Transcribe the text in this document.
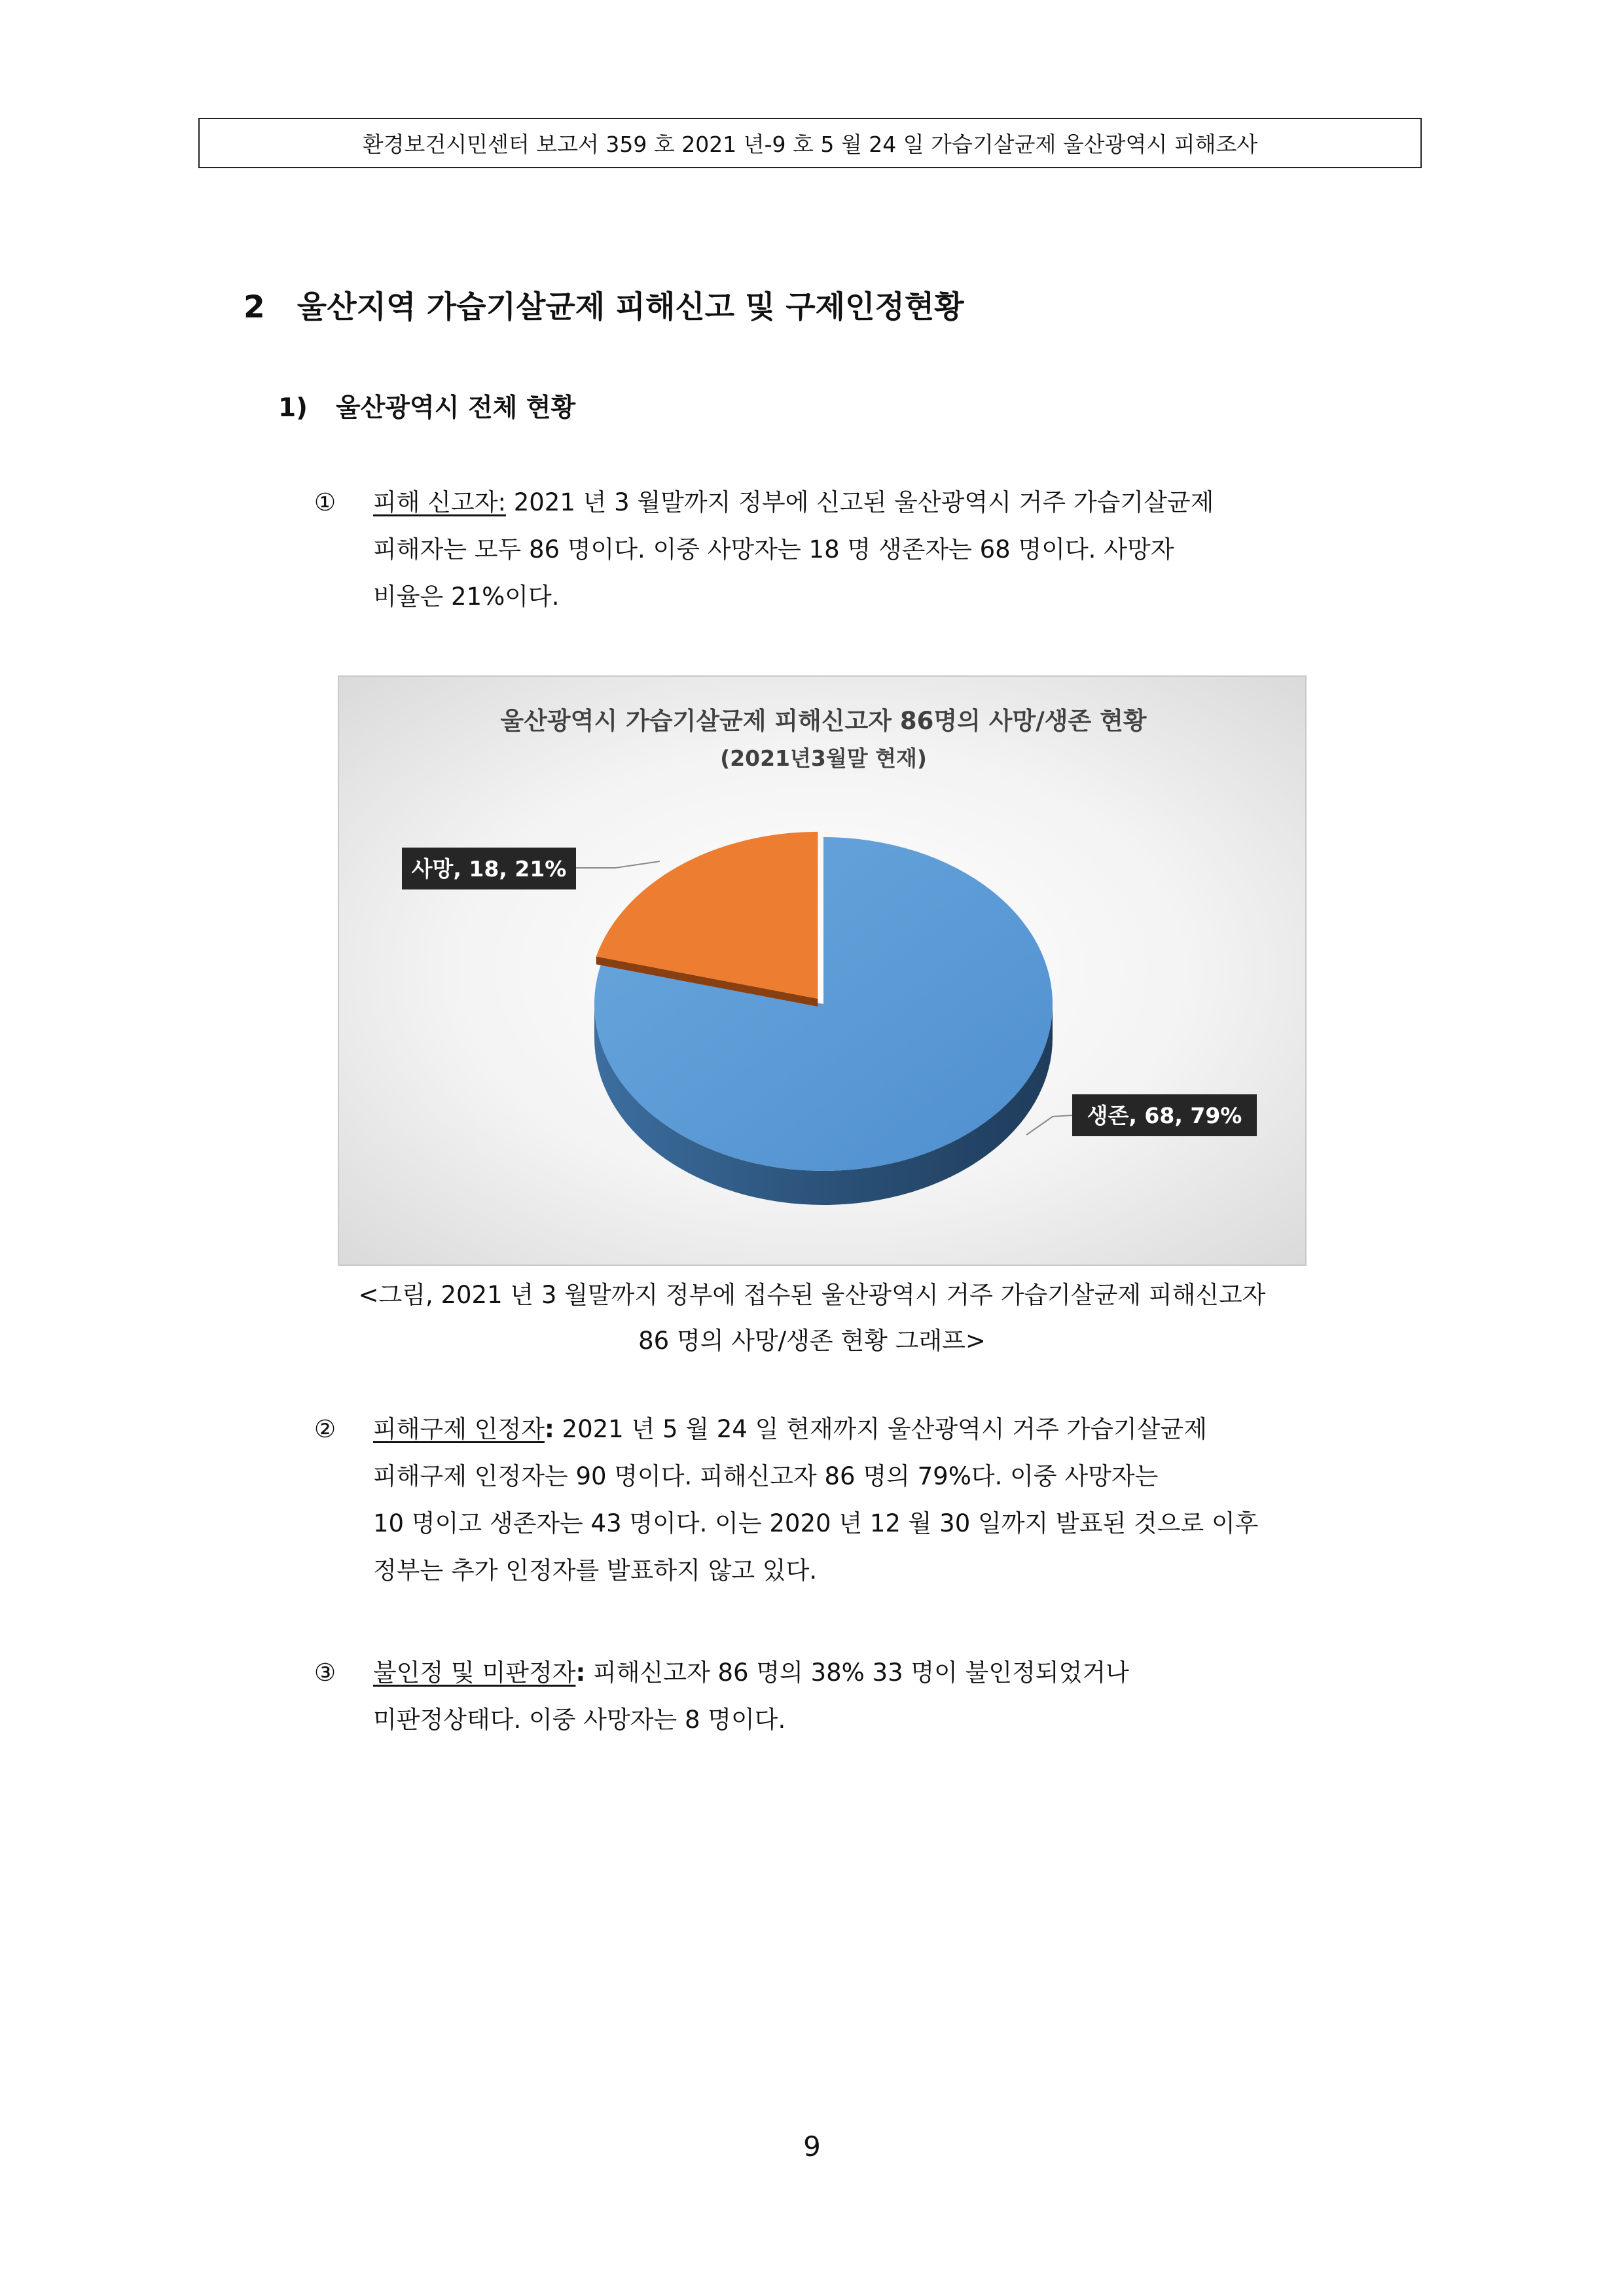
환경보건시민센터 보고서 359 호 2021 년-9 호 5 월 24 일 가습기살균제 울산광역시 피해조사
2 울산지역 가습기살균제 피해신고 및 구제인정현황
1) 울산광역시 전체 현황
① 피해 신고자: 2021 년 3 월말까지 정부에 신고된 울산광역시 거주 가습기살균제
피해자는 모두 86 명이다. 이중 사망자는 18 명 생존자는 68 명이다. 사망자
비율은 21%이다.
울산광역시 가습기살균제 피해신고자 86명의 사망/생존 현황
(2021년3월말 현재)
사망, 18, 21%
생존, 68, 79%
<그림, 2021 년 3 월말까지 정부에 접수된 울산광역시 거주 가습기살균제 피해신고자
86 명의 사망/생존 현황 그래프>
② 피해구제 인정자: 2021 년 5 월 24 일 현재까지 울산광역시 거주 가습기살균제
피해구제 인정자는 90 명이다. 피해신고자 86 명의 79%다. 이중 사망자는
10 명이고 생존자는 43 명이다. 이는 2020 년 12 월 30 일까지 발표된 것으로 이후
정부는 추가 인정자를 발표하지 않고 있다.
③ 불인정 및 미판정자: 피해신고자 86 명의 38% 33 명이 불인정되었거나
미판정상태다. 이중 사망자는 8 명이다.
9
